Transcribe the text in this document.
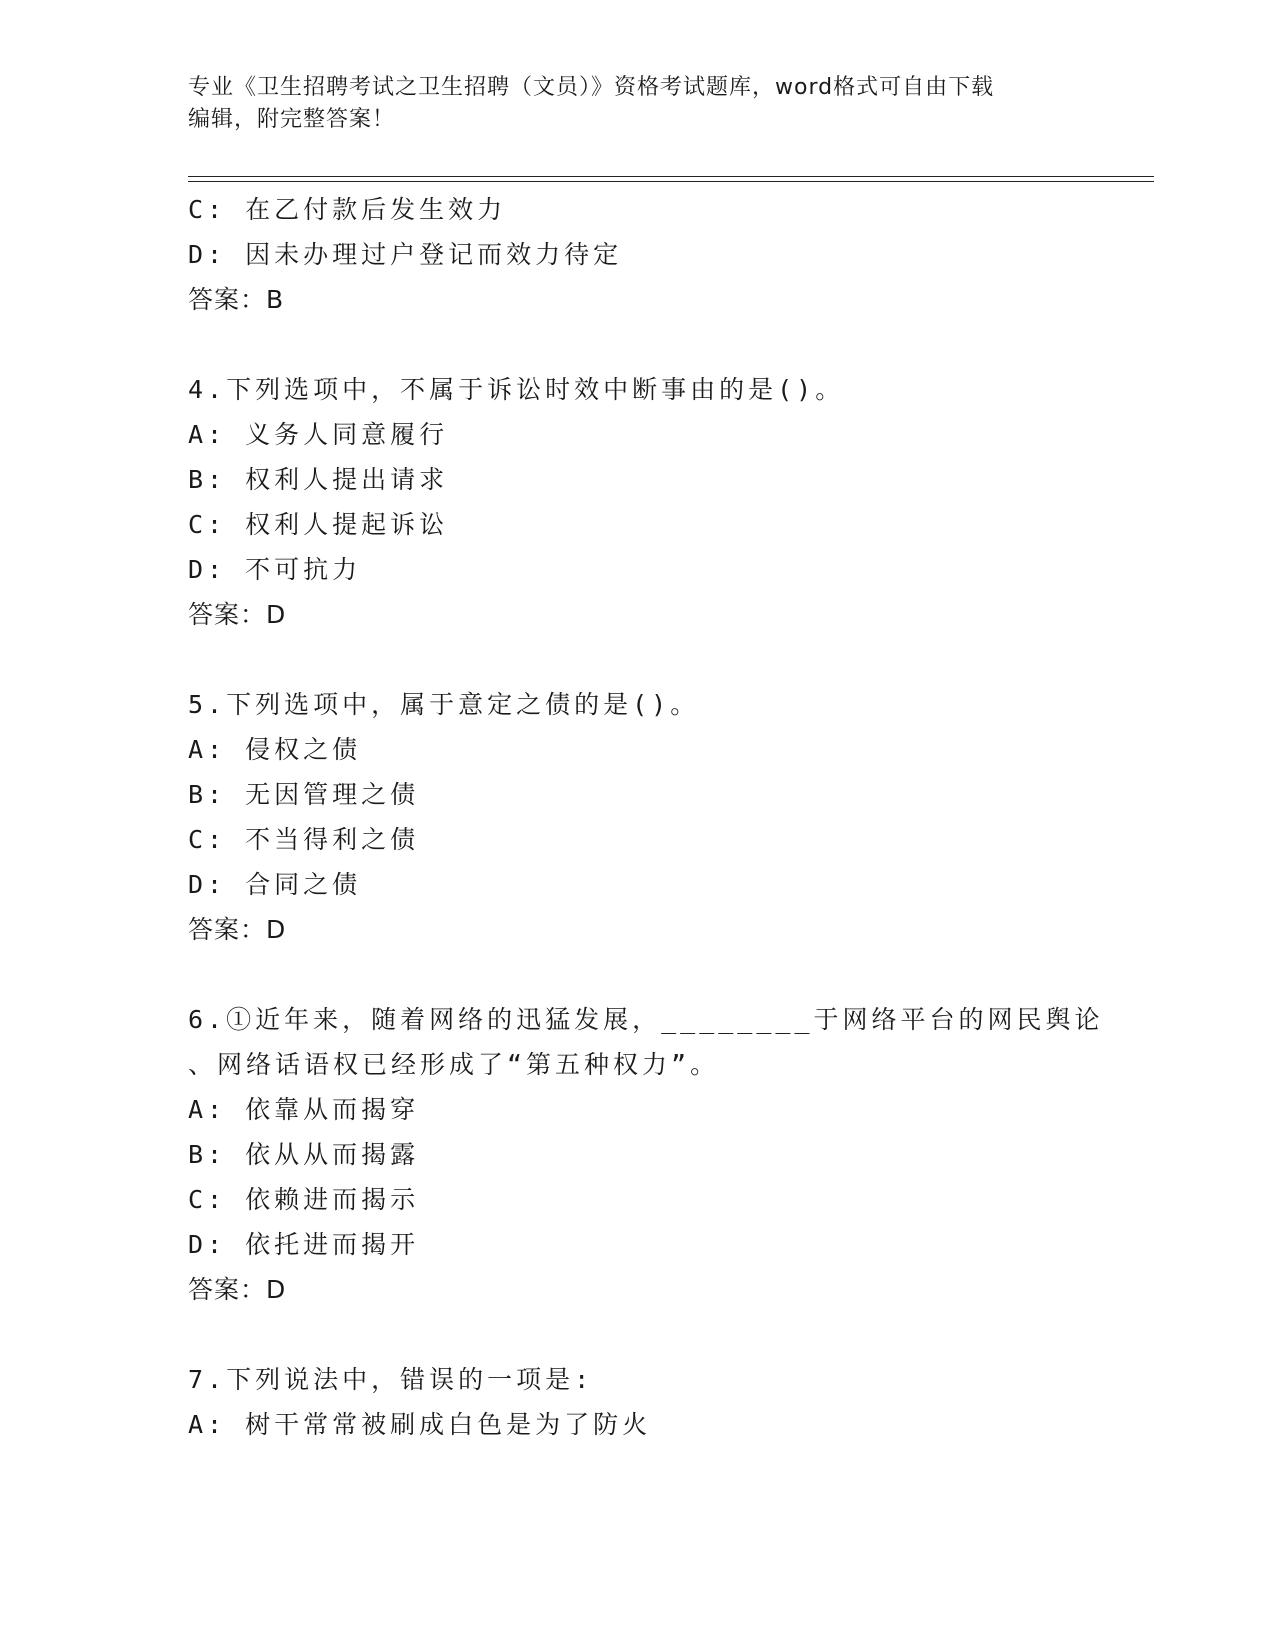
专业《卫生招聘考试之卫生招聘（文员）》资格考试题库，word格式可自由下载
编辑，附完整答案！
C: 在乙付款后发生效力
D: 因未办理过户登记而效力待定
答案：B
4.下列选项中，不属于诉讼时效中断事由的是()。
A: 义务人同意履行
B: 权利人提出请求
C: 权利人提起诉讼
D: 不可抗力
答案：D
5.下列选项中，属于意定之债的是()。
A: 侵权之债
B: 无因管理之债
C: 不当得利之债
D: 合同之债
答案：D
6.①近年来，随着网络的迅猛发展，________于网络平台的网民舆论
、网络话语权已经形成了“第五种权力”。
A: 依靠从而揭穿
B: 依从从而揭露
C: 依赖进而揭示
D: 依托进而揭开
答案：D
7.下列说法中，错误的一项是:
A: 树干常常被刷成白色是为了防火
